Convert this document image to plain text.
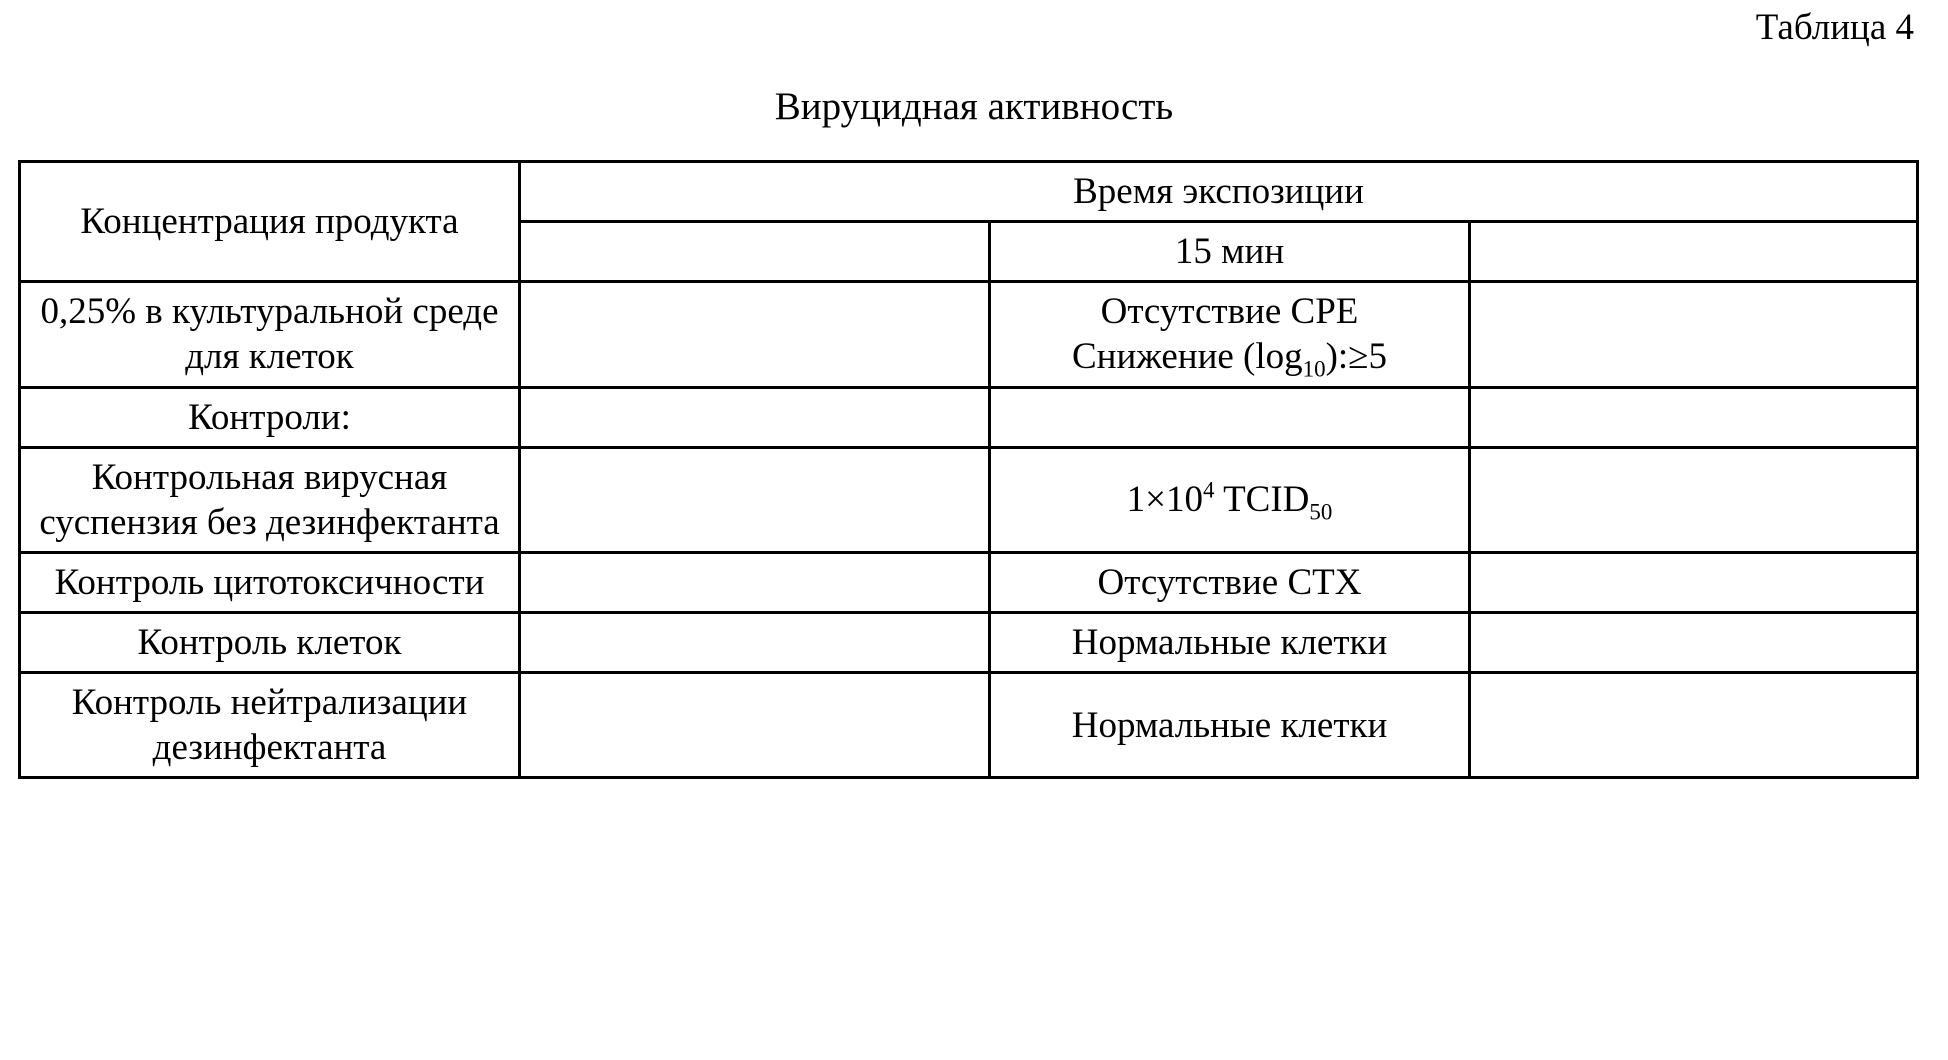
Таблица 4
Вируцидная активность
Концентрация продукта	Время экспозиции		
		15 мин	
0,25% в культуральной среде для клеток		Отсутствие СРЕ
Снижение $(\log_{10}):\ge 5$	

Контроли:			
Контрольная вирусная суспензия без дезинфектанта		$1\times 10^4$ $TCID_{50}$	
Контроль цитотоксичности		Отсутствие СТХ	
Контроль клеток		Нормальные клетки	
Контроль нейтрализации дезинфектанта		Нормальные клетки	
